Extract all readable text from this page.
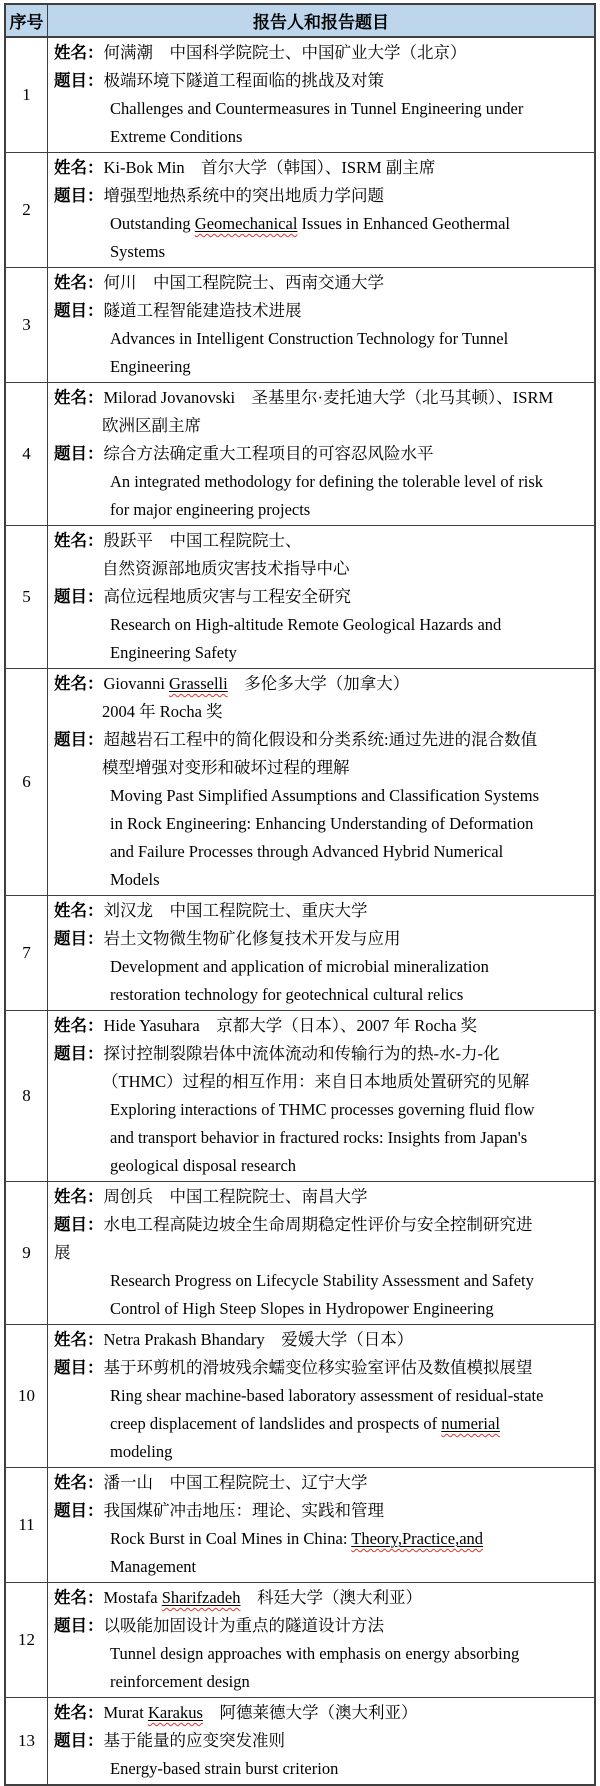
序号	报告人和报告题目
1	姓名：何满潮　中国科学院院士、中国矿业大学（北京）
题目：极端环境下隧道工程面临的挑战及对策
Challenges and Countermeasures in Tunnel Engineering under
Extreme Conditions

2	姓名：Ki-Bok Min　首尔大学（韩国）、ISRM 副主席
题目：增强型地热系统中的突出地质力学问题
Outstanding Geomechanical Issues in Enhanced Geothermal
Systems

3	姓名：何川　中国工程院院士、西南交通大学
题目：隧道工程智能建造技术进展
Advances in Intelligent Construction Technology for Tunnel
Engineering

4	姓名：Milorad Jovanovski　圣基里尔·麦托迪大学（北马其顿）、ISRM
欧洲区副主席
题目：综合方法确定重大工程项目的可容忍风险水平
An integrated methodology for defining the tolerable level of risk
for major engineering projects

5	姓名：殷跃平　中国工程院院士、
自然资源部地质灾害技术指导中心
题目：高位远程地质灾害与工程安全研究
Research on High-altitude Remote Geological Hazards and
Engineering Safety

6	
姓名：Giovanni Grasselli　多伦多大学（加拿大）
2004 年 Rocha 奖
题目：超越岩石工程中的简化假设和分类系统:通过先进的混合数值
模型增强对变形和破坏过程的理解
Moving Past Simplified Assumptions and Classification Systems
in Rock Engineering: Enhancing Understanding of Deformation
and Failure Processes through Advanced Hybrid Numerical
Models

7	姓名：刘汉龙　中国工程院院士、重庆大学
题目：岩土文物微生物矿化修复技术开发与应用
Development and application of microbial mineralization
restoration technology for geotechnical cultural relics

8	
姓名：Hide Yasuhara　京都大学（日本）、2007 年 Rocha 奖
题目：探讨控制裂隙岩体中流体流动和传输行为的热-水-力-化
（THMC）过程的相互作用：来自日本地质处置研究的见解
Exploring interactions of THMC processes governing fluid flow
and transport behavior in fractured rocks: Insights from Japan's
geological disposal research

9	姓名：周创兵　中国工程院院士、南昌大学
题目：水电工程高陡边坡全生命周期稳定性评价与安全控制研究进
展
Research Progress on Lifecycle Stability Assessment and Safety
Control of High Steep Slopes in Hydropower Engineering

10	姓名：Netra Prakash Bhandary　爱媛大学（日本）
题目：基于环剪机的滑坡残余蠕变位移实验室评估及数值模拟展望
Ring shear machine-based laboratory assessment of residual-state
creep displacement of landslides and prospects of numerial
modeling

11	姓名：潘一山　中国工程院院士、辽宁大学
题目：我国煤矿冲击地压：理论、实践和管理
Rock Burst in Coal Mines in China: Theory,Practice,and
Management

12	姓名：Mostafa Sharifzadeh　科廷大学（澳大利亚）
题目：以吸能加固设计为重点的隧道设计方法
Tunnel design approaches with emphasis on energy absorbing
reinforcement design

13	姓名：Murat Karakus　阿德莱德大学（澳大利亚）
题目：基于能量的应变突发准则
Energy-based strain burst criterion
